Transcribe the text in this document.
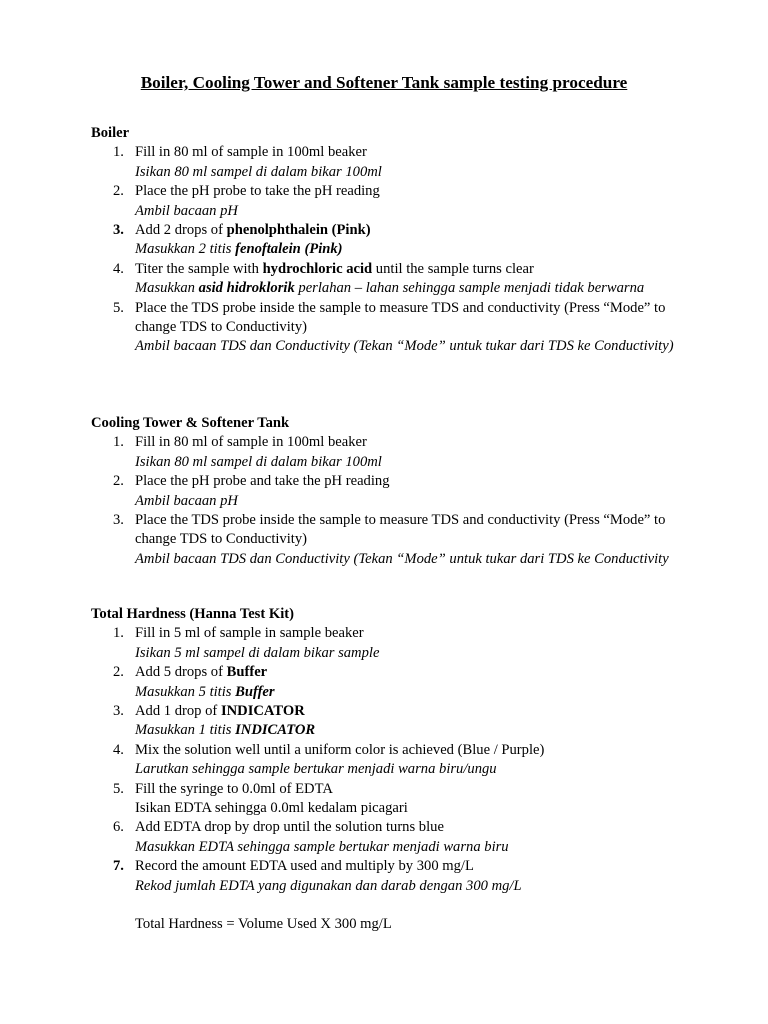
Boiler, Cooling Tower and Softener Tank sample testing procedure
Boiler
1. Fill in 80 ml of sample in 100ml beaker
Isikan 80 ml sampel di dalam bikar 100ml
2. Place the pH probe to take the pH reading
Ambil bacaan pH
3. Add 2 drops of phenolphthalein (Pink)
Masukkan 2 titis fenoftalein (Pink)
4. Titer the sample with hydrochloric acid until the sample turns clear
Masukkan asid hidroklorik perlahan – lahan sehingga sample menjadi tidak berwarna
5. Place the TDS probe inside the sample to measure TDS and conductivity (Press “Mode” to change TDS to Conductivity)
Ambil bacaan TDS dan Conductivity (Tekan “Mode” untuk tukar dari TDS ke Conductivity)
Cooling Tower & Softener Tank
1. Fill in 80 ml of sample in 100ml beaker
Isikan 80 ml sampel di dalam bikar 100ml
2. Place the pH probe and take the pH reading
Ambil bacaan pH
3. Place the TDS probe inside the sample to measure TDS and conductivity (Press “Mode” to change TDS to Conductivity)
Ambil bacaan TDS dan Conductivity (Tekan “Mode” untuk tukar dari TDS ke Conductivity
Total Hardness (Hanna Test Kit)
1. Fill in 5 ml of sample in sample beaker
Isikan 5 ml sampel di dalam bikar sample
2. Add 5 drops of Buffer
Masukkan 5 titis Buffer
3. Add 1 drop of INDICATOR
Masukkan 1 titis INDICATOR
4. Mix the solution well until a uniform color is achieved (Blue / Purple)
Larutkan sehingga sample bertukar menjadi warna biru/ungu
5. Fill the syringe to 0.0ml of EDTA
Isikan EDTA sehingga 0.0ml kedalam picagari
6. Add EDTA drop by drop until the solution turns blue
Masukkan EDTA sehingga sample bertukar menjadi warna biru
7. Record the amount EDTA used and multiply by 300 mg/L
Rekod jumlah EDTA yang digunakan dan darab dengan 300 mg/L
Total Hardness = Volume Used X 300 mg/L
